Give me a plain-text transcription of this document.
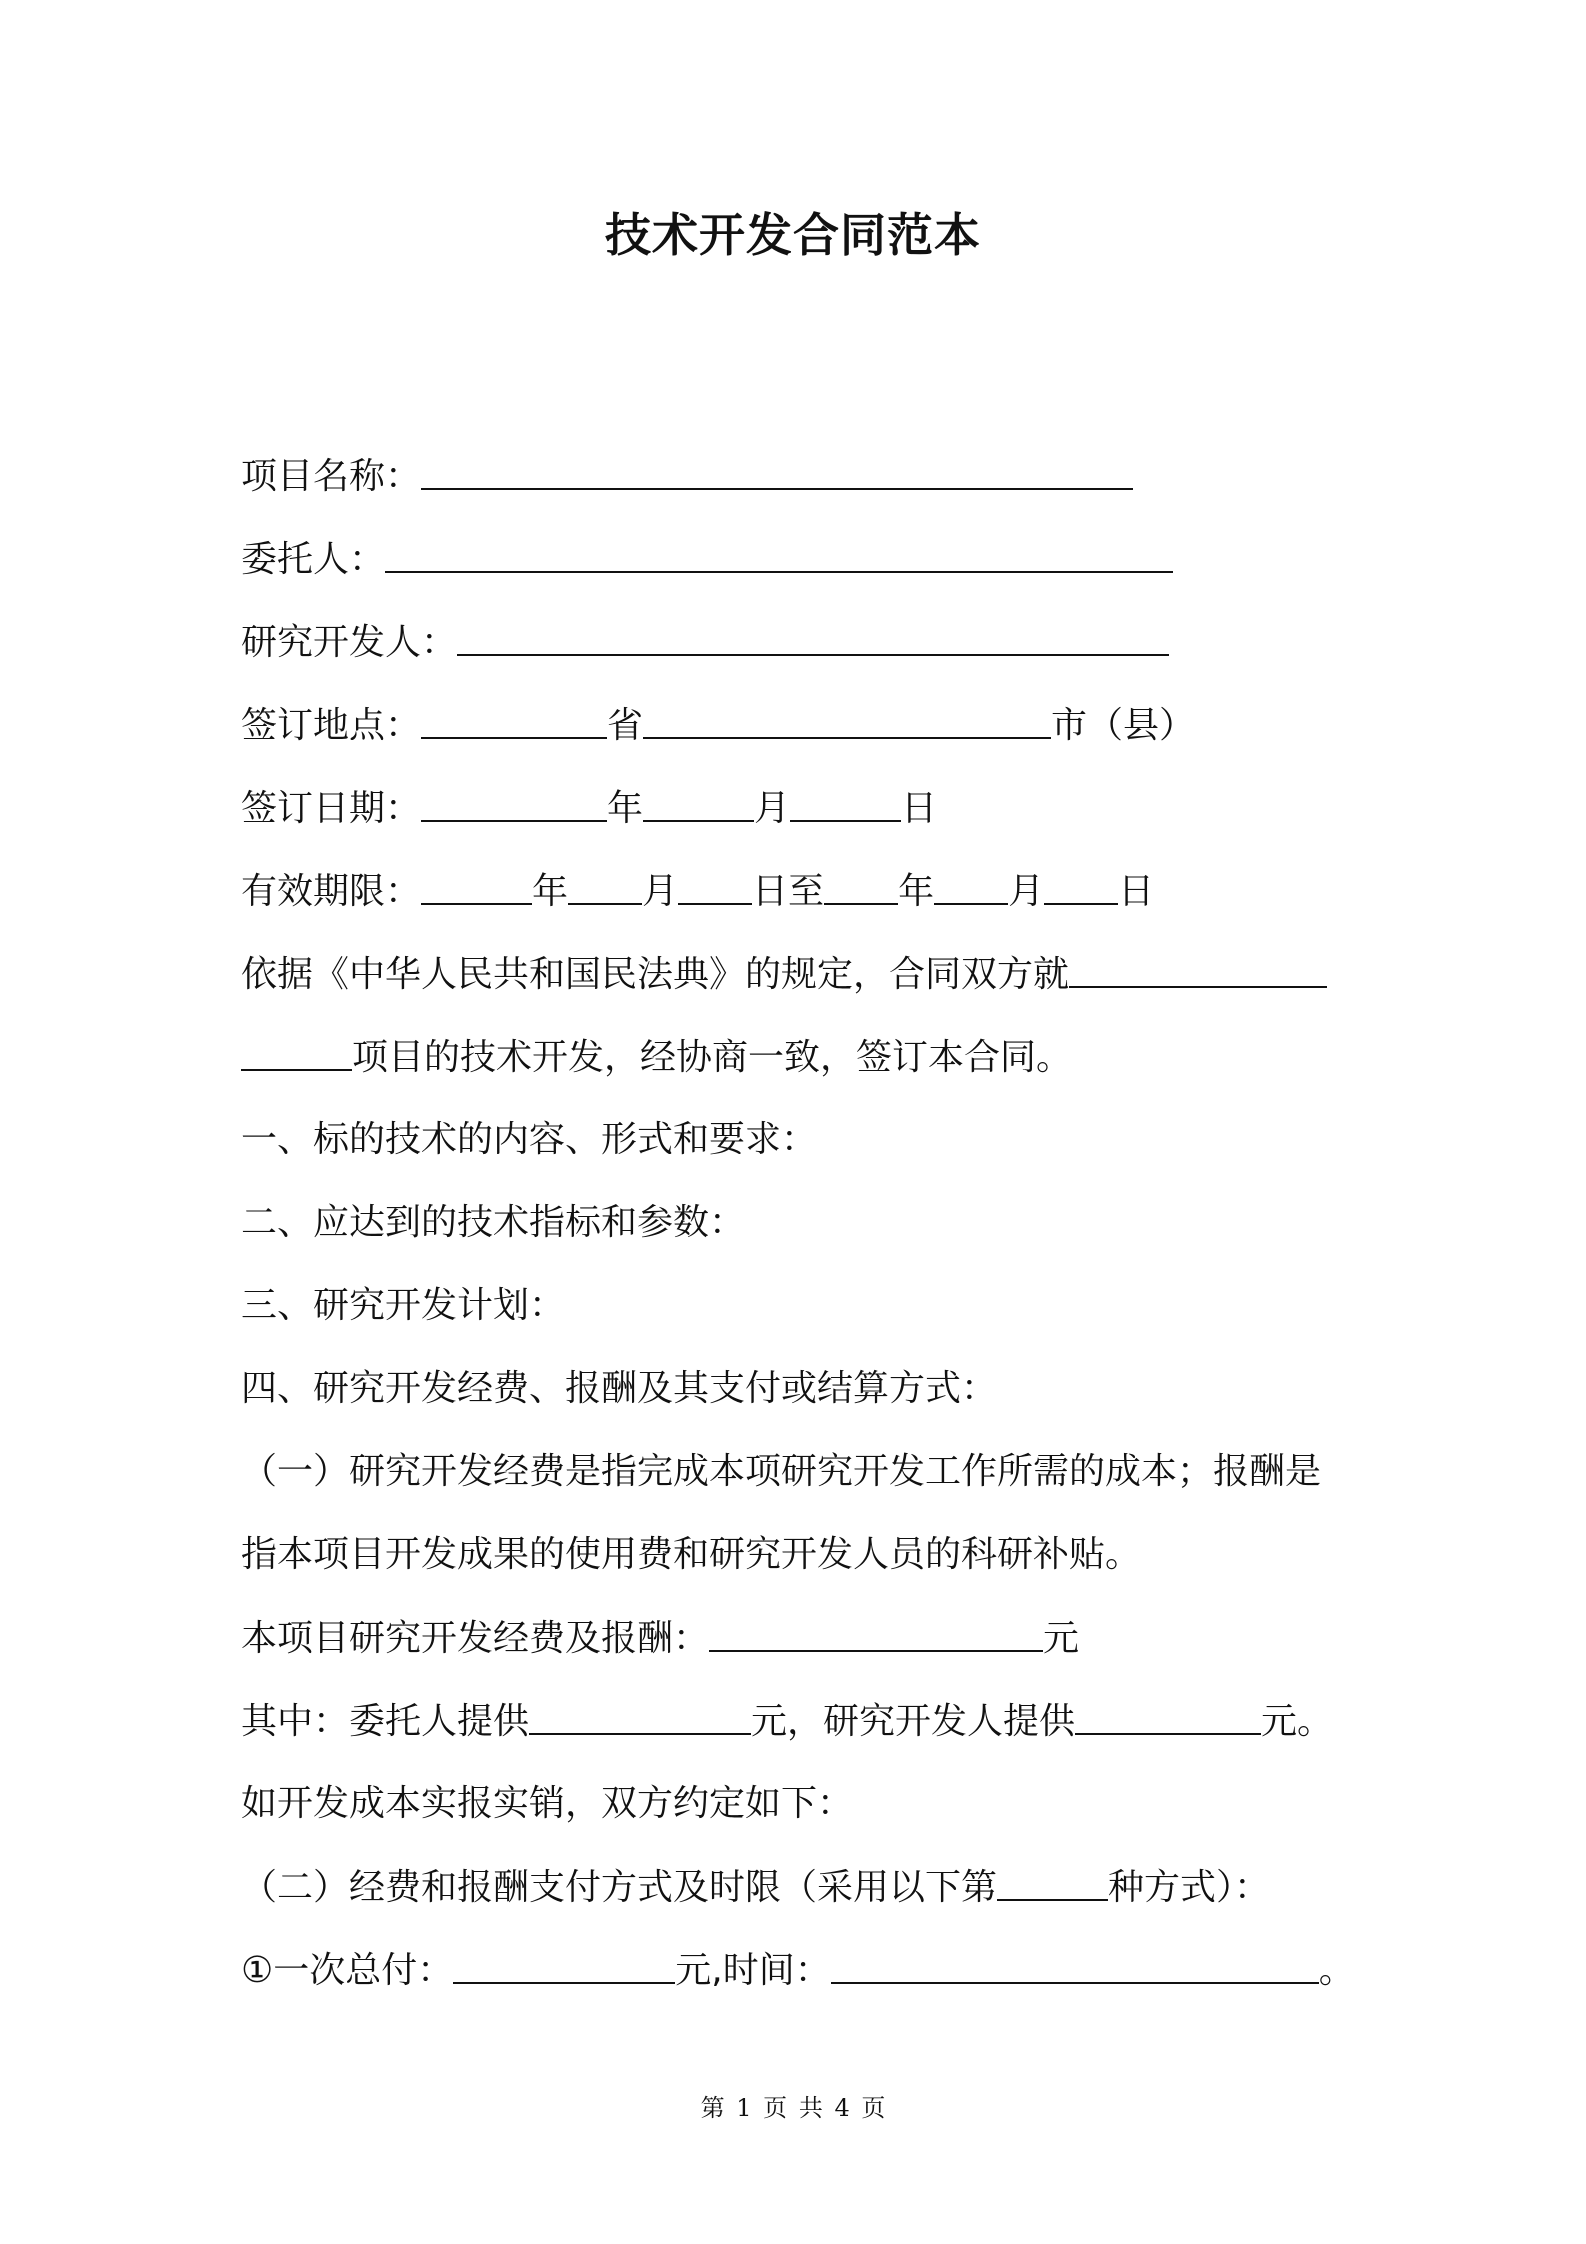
技术开发合同范本
项目名称：
委托人：
研究开发人：
签订地点：	省	市（县）
签订日期：	年	月	日
有效期限：	年 月 日至 年 月 日
依据《中华人民共和国民法典》的规定，合同双方就
项目的技术开发，经协商一致，签订本合同。
一、标的技术的内容、形式和要求：
二、应达到的技术指标和参数：
三、研究开发计划：
四、研究开发经费、报酬及其支付或结算方式：
（一）研究开发经费是指完成本项研究开发工作所需的成本；报酬是
指本项目开发成果的使用费和研究开发人员的科研补贴。
本项目研究开发经费及报酬：	元
其中：委托人提供	元，研究开发人提供	元。
如开发成本实报实销，双方约定如下：
（二）经费和报酬支付方式及时限（采用以下第	种方式）：
①一次总付：	元,时间：	。
第 1 页 共 4 页
